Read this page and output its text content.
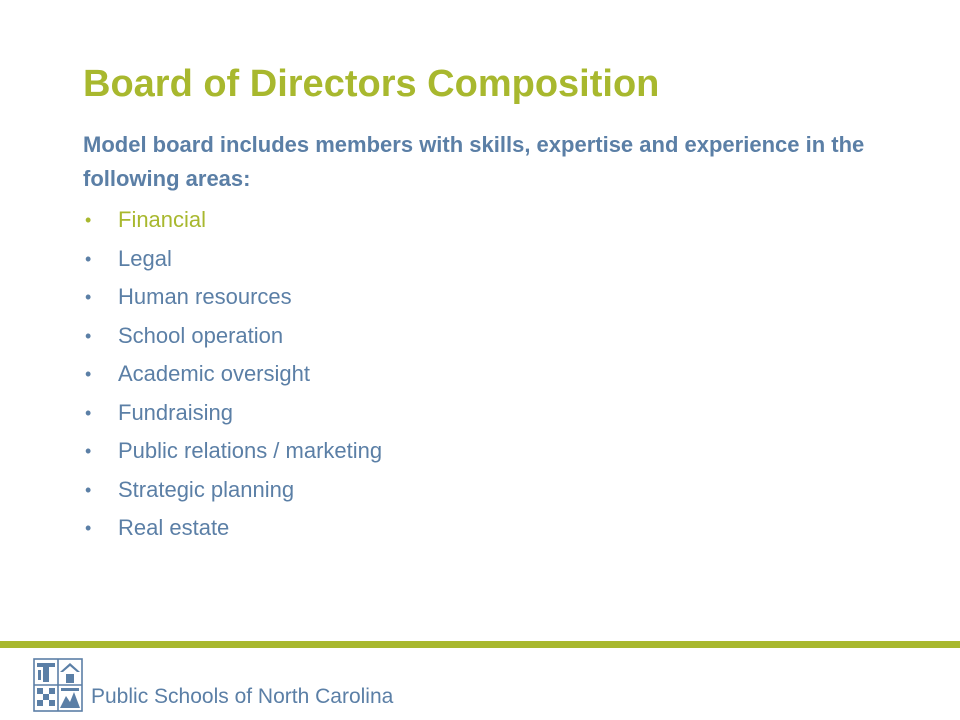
Board of Directors Composition

Model board includes members with skills, expertise and experience in the following areas:

•	Financial
•	Legal
•	Human resources
•	School operation
•	Academic oversight
•	Fundraising
•	Public relations / marketing
•	Strategic planning
•	Real estate
Public Schools of North Carolina
